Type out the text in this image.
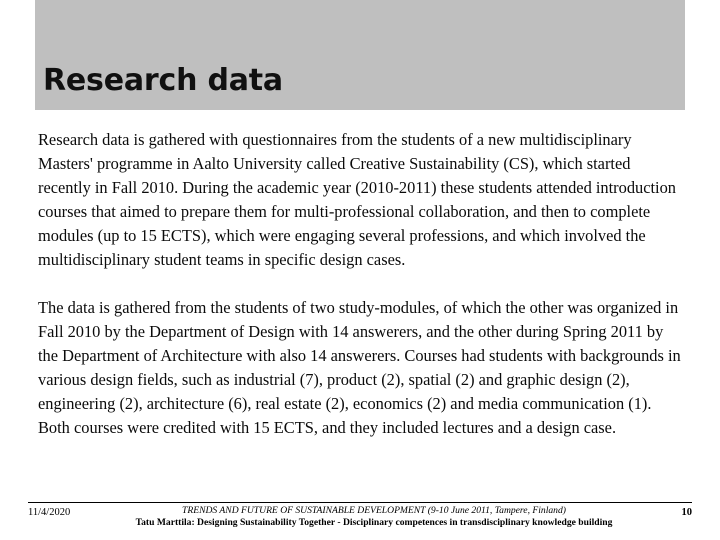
Research data

Research data is gathered with questionnaires from the students of a new multidisciplinary Masters' programme in Aalto University called Creative Sustainability (CS), which started recently in Fall 2010. During the academic year (2010-2011) these students attended introduction courses that aimed to prepare them for multi-professional collaboration, and then to complete modules (up to 15 ECTS), which were engaging several professions, and which involved the multidisciplinary student teams in specific design cases.

The data is gathered from the students of two study-modules, of which the other was organized in Fall 2010 by the Department of Design with 14 answerers, and the other during Spring 2011 by the Department of Architecture with also 14 answerers. Courses had students with backgrounds in various design fields, such as industrial (7), product (2), spatial (2) and graphic design (2), engineering (2), architecture (6), real estate (2), economics (2) and media communication (1). Both courses were credited with 15 ECTS, and they included lectures and a design case.

11/4/2020	TRENDS AND FUTURE OF SUSTAINABLE DEVELOPMENT (9-10 June 2011, Tampere, Finland)
Tatu Marttila: Designing Sustainability Together - Disciplinary competences in transdisciplinary knowledge building
10
